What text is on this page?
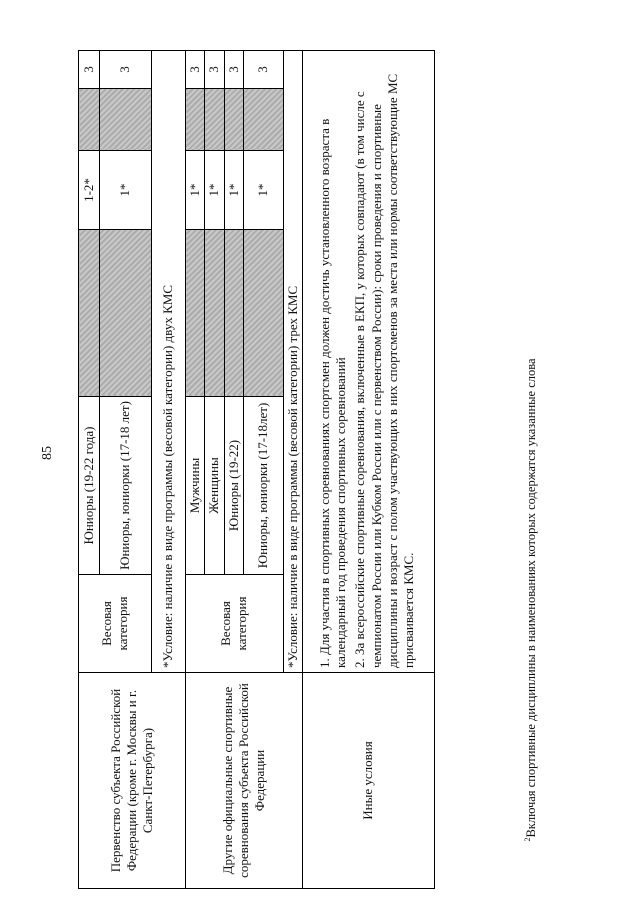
85
Первенство субъекта Российской Федерации (кроме г. Москвы и г. Санкт-Петербурга)	Весовая категория	Юниоры (19-22 года)		1-2*		3
		Юниоры, юниорки (17-18 лет)		1*		3
	*Условие: наличие в виде программы (весовой категории) двух КМС					
Другие официальные спортивные соревнования субъекта Российской Федерации	Весовая категория	Мужчины		1*		3
		Женщины		1*		3
		Юниоры (19-22)		1*		3
		Юниоры, юниорки (17-18лет)		1*		3
	*Условие: наличие в виде программы (весовой категории) трех КМС					
Иные условия	1. Для участия в спортивных соревнованиях спортсмен должен достичь установленного возраста в календарный год проведения спортивных соревнований 2. За всероссийские спортивные соревнования, включенные в ЕКП, у которых совпадают (в том числе с чемпионатом России или Кубком России или с первенством России): сроки проведения и спортивные дисциплины и возраст с полом участвующих в них спортсменов за места или нормы соответствующие МС присваивается КМС.					

$^2$Включая спортивные дисциплины в наименованиях которых содержатся указанные слова
